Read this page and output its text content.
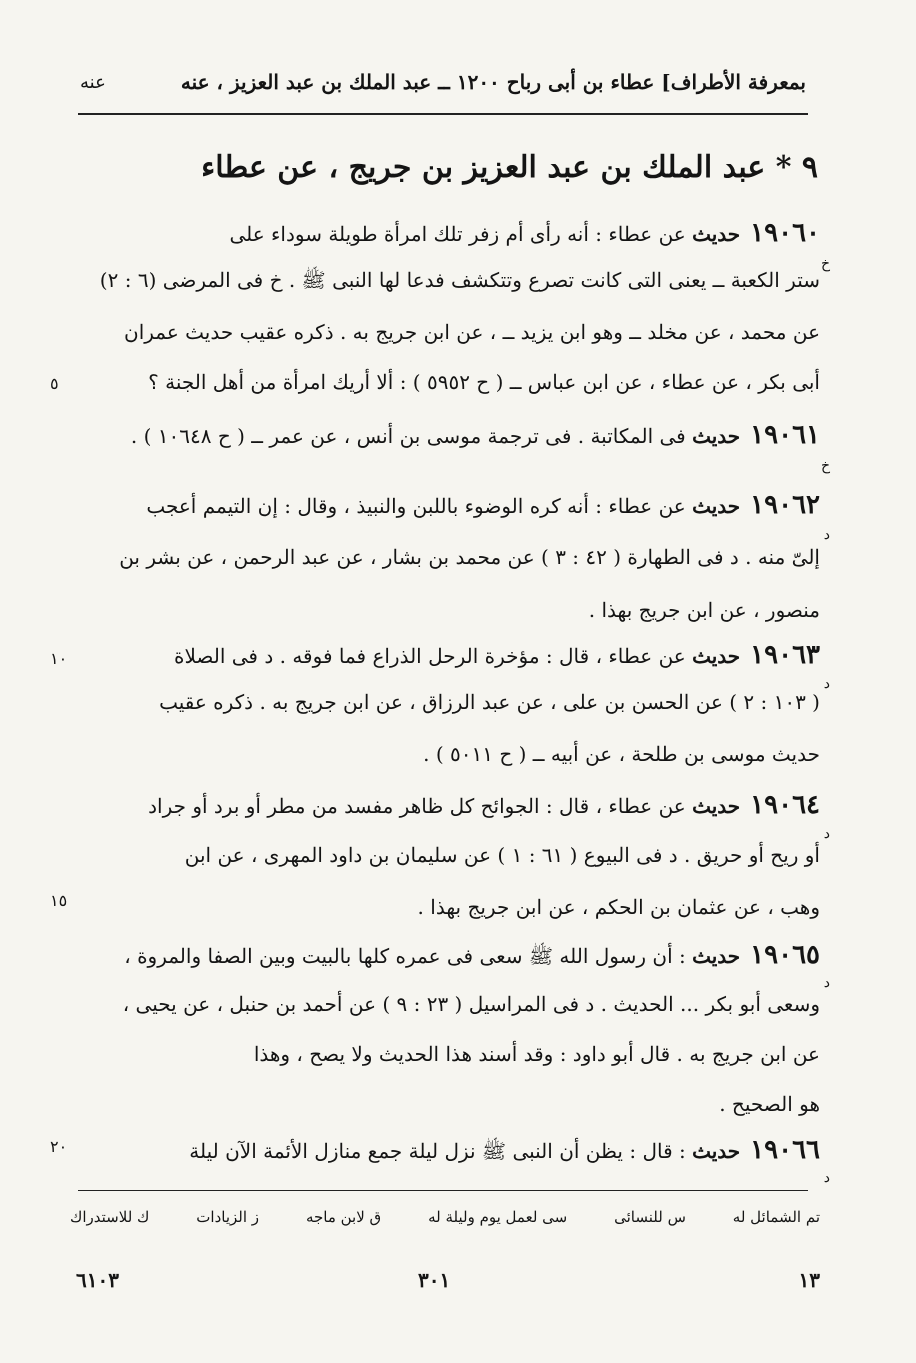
بمعرفة الأطراف] عطاء بن أبى رباح ١٢٠٠ ــ عبد الملك بن عبد العزيز ، عنه
عنه
٩ * عبد الملك بن عبد العزيز بن جريج ، عن عطاء
١٩٠٦٠حديث عن عطاء : أنه رأى أم زفر تلك امرأة طويلة سوداء على
ستر الكعبة ــ يعنى التى كانت تصرع وتتكشف فدعا لها النبى ﷺ . خ فى المرضى (٦ : ٢)
عن محمد ، عن مخلد ــ وهو ابن يزيد ــ ، عن ابن جريج به . ذكره عقيب حديث عمران
أبى بكر ، عن عطاء ، عن ابن عباس ــ ( ح ٥٩٥٢ ) : ألا أريك امرأة من أهل الجنة ؟
١٩٠٦١حديث فى المكاتبة . فى ترجمة موسى بن أنس ، عن عمر ــ ( ح ١٠٦٤٨ ) .
١٩٠٦٢حديث عن عطاء : أنه كره الوضوء باللبن والنبيذ ، وقال : إن التيمم أعجب
إلىّ منه . د فى الطهارة ( ٤٢ : ٣ ) عن محمد بن بشار ، عن عبد الرحمن ، عن بشر بن
منصور ، عن ابن جريج بهذا .
١٩٠٦٣حديث عن عطاء ، قال : مؤخرة الرحل الذراع فما فوقه . د فى الصلاة
( ١٠٣ : ٢ ) عن الحسن بن على ، عن عبد الرزاق ، عن ابن جريج به . ذكره عقيب
حديث موسى بن طلحة ، عن أبيه ــ ( ح ٥٠١١ ) .
١٩٠٦٤حديث عن عطاء ، قال : الجوائح كل ظاهر مفسد من مطر أو برد أو جراد
أو ريح أو حريق . د فى البيوع ( ٦١ : ١ ) عن سليمان بن داود المهرى ، عن ابن
وهب ، عن عثمان بن الحكم ، عن ابن جريج بهذا .
١٩٠٦٥حديث : أن رسول الله ﷺ سعى فى عمره كلها بالبيت وبين الصفا والمروة ،
وسعى أبو بكر ... الحديث . د فى المراسيل ( ٢٣ : ٩ ) عن أحمد بن حنبل ، عن يحيى ،
عن ابن جريج به . قال أبو داود : وقد أسند هذا الحديث ولا يصح ، وهذا
هو الصحيح .
١٩٠٦٦حديث : قال : يظن أن النبى ﷺ نزل ليلة جمع منازل الأئمة الآن ليلة
خ
خ
د
د
د
د
د
٥
١٠
١٥
٢٠
تم الشمائل له
س للنسائى
سى لعمل يوم وليلة له
ق لابن ماجه
ز الزيادات
ك للاستدراك
٦١٠٣	٣٠١	١٣
